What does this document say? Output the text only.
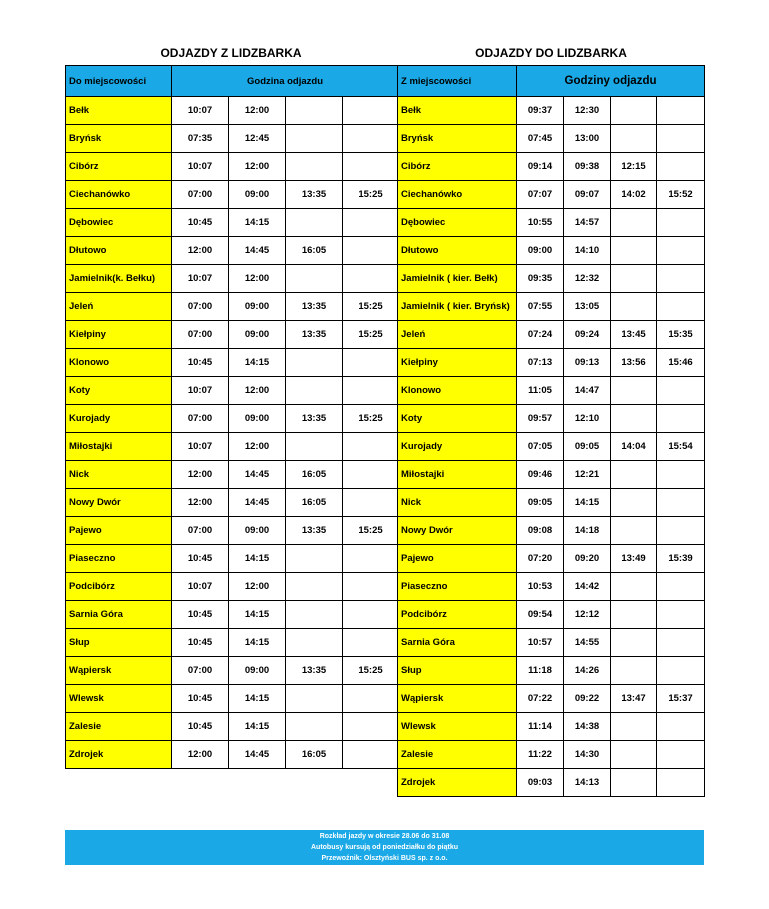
ODJAZDY Z LIDZBARKA	ODJAZDY DO LIDZBARKA
Do miejscowości	Godzina odjazdu			
Bełk	10:07	12:00		
Bryńsk	07:35	12:45		
Cibórz	10:07	12:00		
Ciechanówko	07:00	09:00	13:35	15:25
Dębowiec	10:45	14:15		
Dłutowo	12:00	14:45	16:05	
Jamielnik(k. Bełku)	10:07	12:00		
Jeleń	07:00	09:00	13:35	15:25
Kiełpiny	07:00	09:00	13:35	15:25
Klonowo	10:45	14:15		
Koty	10:07	12:00		
Kurojady	07:00	09:00	13:35	15:25
Miłostajki	10:07	12:00		
Nick	12:00	14:45	16:05	
Nowy Dwór	12:00	14:45	16:05	
Pajewo	07:00	09:00	13:35	15:25
Piaseczno	10:45	14:15		
Podcibórz	10:07	12:00		
Sarnia Góra	10:45	14:15		
Słup	10:45	14:15		
Wąpiersk	07:00	09:00	13:35	15:25
Wlewsk	10:45	14:15		
Zalesie	10:45	14:15		
Zdrojek	12:00	14:45	16:05	
Z miejscowości	Godziny odjazdu			
Bełk	09:37	12:30		
Bryńsk	07:45	13:00		
Cibórz	09:14	09:38	12:15	
Ciechanówko	07:07	09:07	14:02	15:52
Dębowiec	10:55	14:57		
Dłutowo	09:00	14:10		
Jamielnik ( kier. Bełk)	09:35	12:32		
Jamielnik ( kier. Bryńsk)	07:55	13:05		
Jeleń	07:24	09:24	13:45	15:35
Kiełpiny	07:13	09:13	13:56	15:46
Klonowo	11:05	14:47		
Koty	09:57	12:10		
Kurojady	07:05	09:05	14:04	15:54
Miłostajki	09:46	12:21		
Nick	09:05	14:15		
Nowy Dwór	09:08	14:18		
Pajewo	07:20	09:20	13:49	15:39
Piaseczno	10:53	14:42		
Podcibórz	09:54	12:12		
Sarnia Góra	10:57	14:55		
Słup	11:18	14:26		
Wąpiersk	07:22	09:22	13:47	15:37
Wlewsk	11:14	14:38		
Zalesie	11:22	14:30		
Zdrojek	09:03	14:13		
Rozkład jazdy w okresie 28.06 do 31.08
Autobusy kursują od poniedziałku do piątku
Przewoźnik: Olsztyński BUS sp. z o.o.
